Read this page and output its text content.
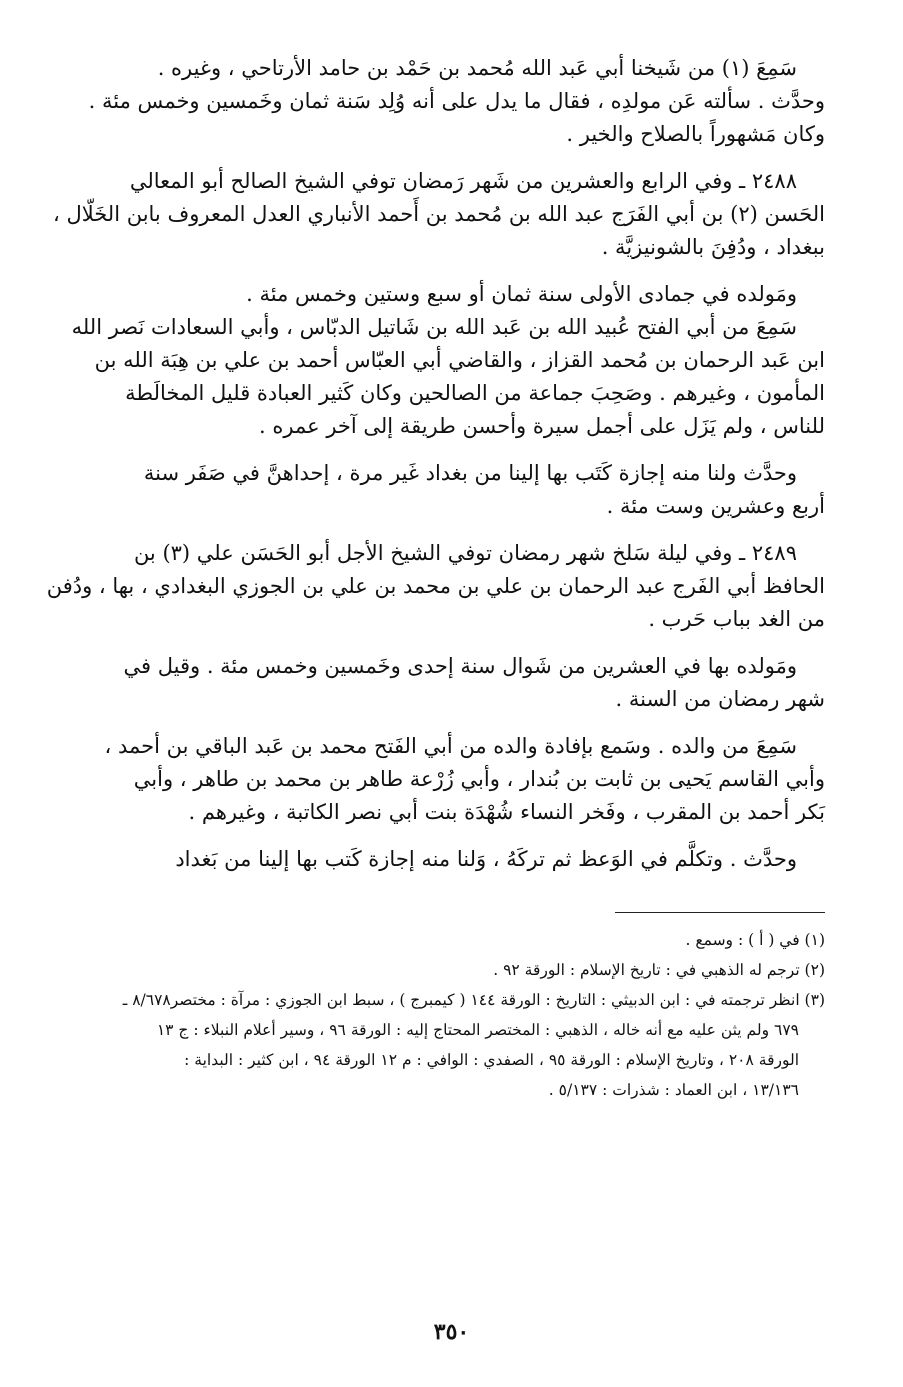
سَمِعَ (١) من شَيخنا أبي عَبد الله مُحمد بن حَمْد بن حامد الأرتاحي ، وغيره .

وحدَّث . سألته عَن مولدِه ، فقال ما يدل على أنه وُلِد سَنة ثمان وخَمسين وخمس مئة .

وكان مَشهوراً بالصلاح والخير .

٢٤٨٨ ـ وفي الرابع والعشرين من شَهر رَمضان توفي الشيخ الصالح أبو المعالي

الحَسن (٢) بن أبي الفَرَج عبد الله بن مُحمد بن أَحمد الأنباري العدل المعروف بابن الخَلّال ،

ببغداد ، ودُفِنَ بالشونيزيَّة .

ومَولده في جمادى الأولى سنة ثمان أو سبع وستين وخمس مئة .

سَمِعَ من أبي الفتح عُبيد الله بن عَبد الله بن شَاتيل الدبّاس ، وأبي السعادات نَصر الله

ابن عَبد الرحمان بن مُحمد القزاز ، والقاضي أبي العبّاس أحمد بن علي بن هِبَة الله بن

المأمون ، وغيرهم . وصَحِبَ جماعة من الصالحين وكان كَثير العبادة قليل المخالَطة

للناس ، ولم يَزَل على أجمل سيرة وأحسن طريقة إلى آخر عمره .

وحدَّث ولنا منه إجازة كَتَب بها إلينا من بغداد غَير مرة ، إحداهنَّ في صَفَر سنة

أربع وعشرين وست مئة .

٢٤٨٩ ـ وفي ليلة سَلخ شهر رمضان توفي الشيخ الأجل أبو الحَسَن علي (٣) بن

الحافظ أبي الفَرج عبد الرحمان بن علي بن محمد بن علي بن الجوزي البغدادي ، بها ، ودُفن

من الغد بباب حَرب .

ومَولده بها في العشرين من شَوال سنة إحدى وخَمسين وخمس مئة . وقيل في

شهر رمضان من السنة .

سَمِعَ من والده . وسَمع بإفادة والده من أبي الفَتح محمد بن عَبد الباقي بن أحمد ،

وأبي القاسم يَحيى بن ثابت بن بُندار ، وأبي زُرْعة طاهر بن محمد بن طاهر ، وأبي

بَكر أحمد بن المقرب ، وفَخر النساء شُهْدَة بنت أبي نصر الكاتبة ، وغيرهم .

وحدَّث . وتكلَّم في الوَعظ ثم تركَهُ ، وَلنا منه إجازة كَتب بها إلينا من بَغداد

(١) في ( أ ) : وسمع .

(٢) ترجم له الذهبي في : تاريخ الإسلام : الورقة ٩٢ .

(٣) انظر ترجمته في : ابن الدبيثي : التاريخ : الورقة ١٤٤ ( كيمبرج ) ، سبط ابن الجوزي : مرآة : مختصر٨/٦٧٨ ـ

٦٧٩ ولم يثن عليه مع أنه خاله ، الذهبي : المختصر المحتاج إليه : الورقة ٩٦ ، وسير أعلام النبلاء : ج ١٣

الورقة ٢٠٨ ، وتاريخ الإسلام : الورقة ٩٥ ، الصفدي : الوافي : م ١٢ الورقة ٩٤ ، ابن كثير : البداية :

١٣/١٣٦ ، ابن العماد : شذرات : ٥/١٣٧ .

٣٥٠
